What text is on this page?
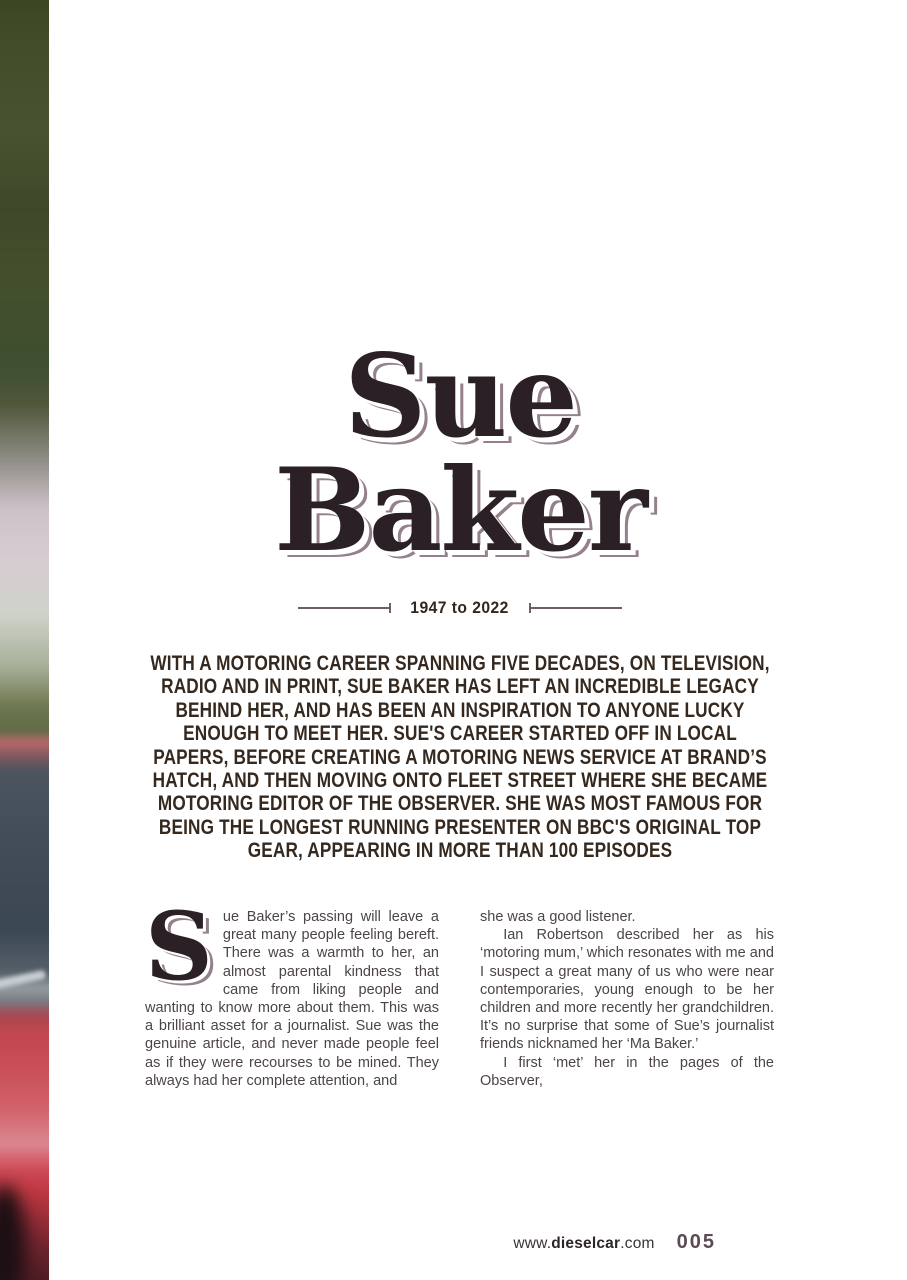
Sue
Baker
1947 to 2022
WITH A MOTORING CAREER SPANNING FIVE DECADES, ON TELEVISION,
RADIO AND IN PRINT, SUE BAKER HAS LEFT AN INCREDIBLE LEGACY
BEHIND HER, AND HAS BEEN AN INSPIRATION TO ANYONE LUCKY
ENOUGH TO MEET HER. SUE'S CAREER STARTED OFF IN LOCAL
PAPERS, BEFORE CREATING A MOTORING NEWS SERVICE AT BRAND’S
HATCH, AND THEN MOVING ONTO FLEET STREET WHERE SHE BECAME
MOTORING EDITOR OF THE OBSERVER. SHE WAS MOST FAMOUS FOR
BEING THE LONGEST RUNNING PRESENTER ON BBC'S ORIGINAL TOP
GEAR, APPEARING IN MORE THAN 100 EPISODES

Sue Baker’s passing will leave a great many people feeling bereft. There was a warmth to her, an almost parental kindness that came from liking people and wanting to know more about them. This was a brilliant asset for a journalist. Sue was the genuine article, and never made people feel as if they were recourses to be mined. They always had her complete attention, and

she was a good listener.

Ian Robertson described her as his ‘motoring mum,’ which resonates with me and I suspect a great many of us who were near contemporaries, young enough to be her children and more recently her grandchildren. It’s no surprise that some of Sue’s journalist friends nicknamed her ‘Ma Baker.’

I first ‘met’ her in the pages of the Observer,

www.dieselcar.com 005
